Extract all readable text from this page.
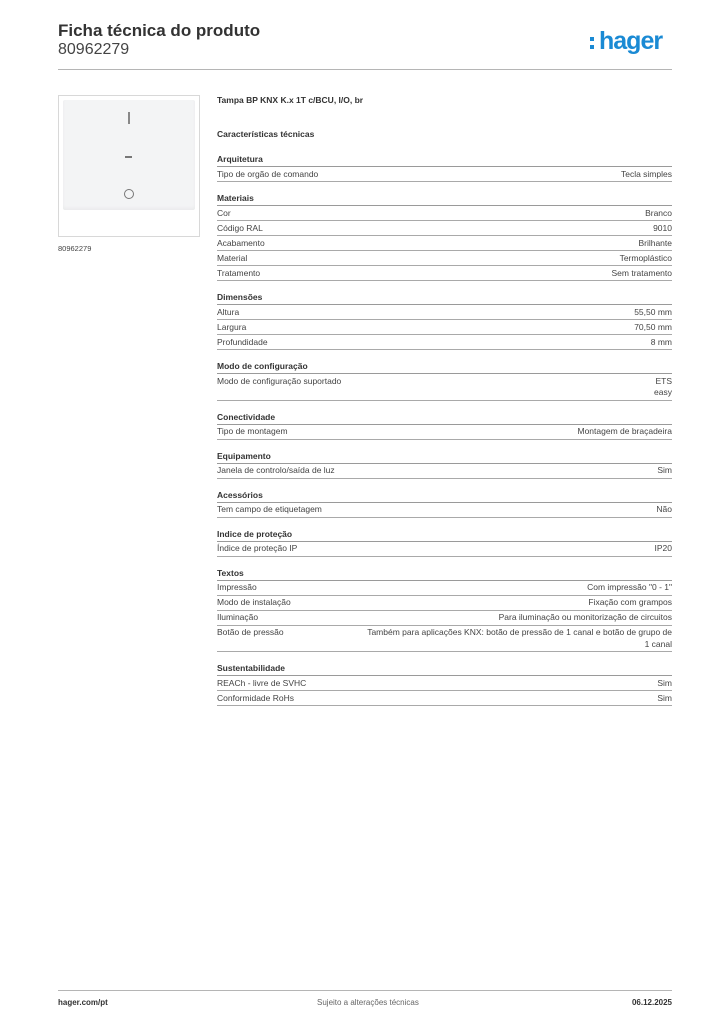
Ficha técnica do produto
80962279	hager
80962279
Tampa BP KNX K.x 1T c/BCU, I/O, br
Características técnicas
Arquitetura
Tipo de orgão de comando	Tecla simples
Materiais
Cor	Branco
Código RAL	9010
Acabamento	Brilhante
Material	Termoplástico
Tratamento	Sem tratamento
Dimensões
Altura	55,50 mm
Largura	70,50 mm
Profundidade	8 mm
Modo de configuração
Modo de configuração suportado	ETS
easy
Conectividade
Tipo de montagem	Montagem de braçadeira
Equipamento
Janela de controlo/saída de luz	Sim
Acessórios
Tem campo de etiquetagem	Não
Indice de proteção
Índice de proteção IP	IP20
Textos
Impressão	Com impressão "0 - 1"
Modo de instalação	Fixação com grampos
Iluminação	Para iluminação ou monitorização de circuitos
Botão de pressão	Também para aplicações KNX: botão de pressão de 1 canal e botão de grupo de 1 canal
Sustentabilidade
REACh - livre de SVHC	Sim
Conformidade RoHs	Sim
hager.com/pt	Sujeito a alterações técnicas	06.12.2025
